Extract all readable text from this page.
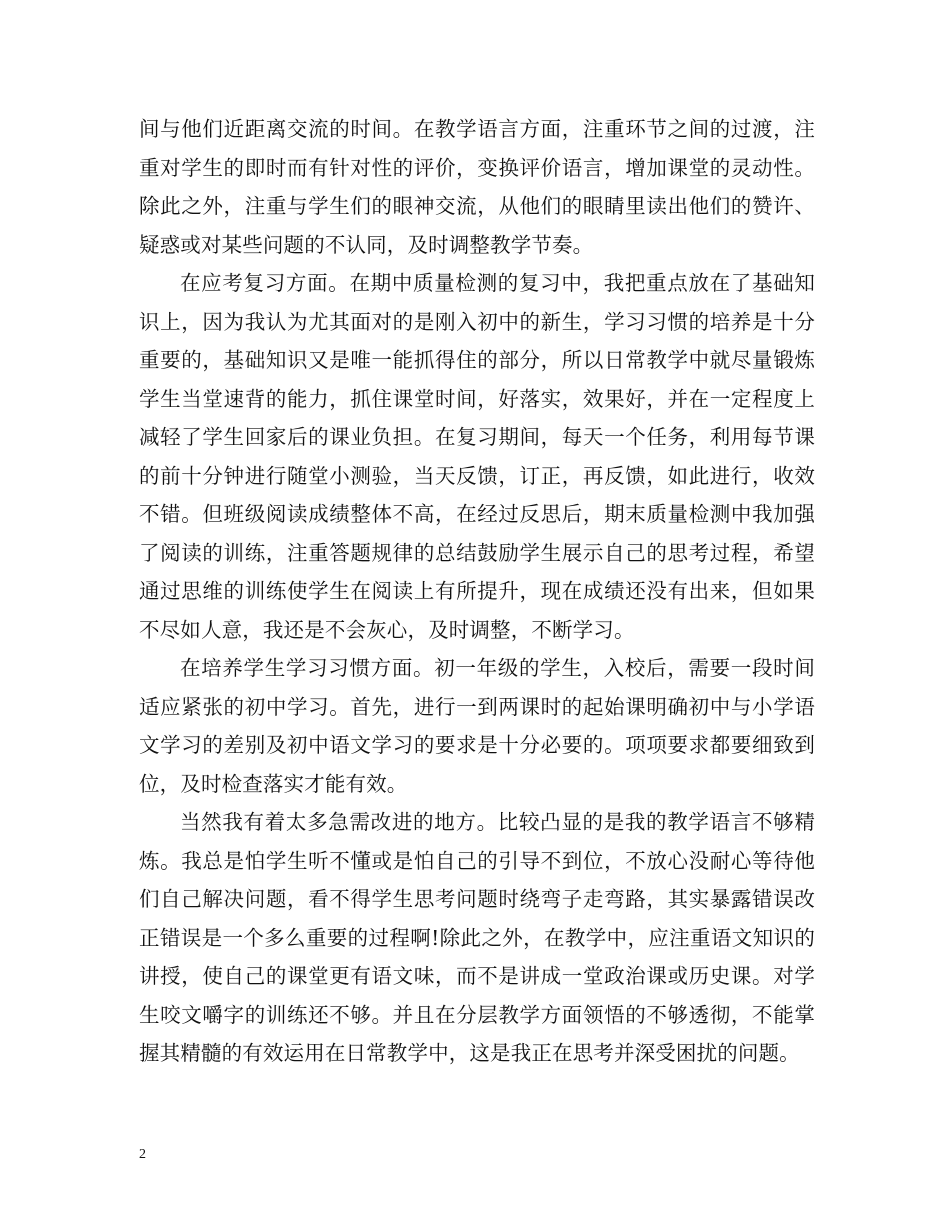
间与他们近距离交流的时间。在教学语言方面，注重环节之间的过渡，注重对学生的即时而有针对性的评价，变换评价语言，增加课堂的灵动性。除此之外，注重与学生们的眼神交流，从他们的眼睛里读出他们的赞许、疑惑或对某些问题的不认同，及时调整教学节奏。

在应考复习方面。在期中质量检测的复习中，我把重点放在了基础知识上，因为我认为尤其面对的是刚入初中的新生，学习习惯的培养是十分重要的，基础知识又是唯一能抓得住的部分，所以日常教学中就尽量锻炼学生当堂速背的能力，抓住课堂时间，好落实，效果好，并在一定程度上减轻了学生回家后的课业负担。在复习期间，每天一个任务，利用每节课的前十分钟进行随堂小测验，当天反馈，订正，再反馈，如此进行，收效不错。但班级阅读成绩整体不高，在经过反思后，期末质量检测中我加强了阅读的训练，注重答题规律的总结鼓励学生展示自己的思考过程，希望通过思维的训练使学生在阅读上有所提升，现在成绩还没有出来，但如果不尽如人意，我还是不会灰心，及时调整，不断学习。

在培养学生学习习惯方面。初一年级的学生，入校后，需要一段时间适应紧张的初中学习。首先，进行一到两课时的起始课明确初中与小学语文学习的差别及初中语文学习的要求是十分必要的。项项要求都要细致到位，及时检查落实才能有效。

当然我有着太多急需改进的地方。比较凸显的是我的教学语言不够精炼。我总是怕学生听不懂或是怕自己的引导不到位，不放心没耐心等待他们自己解决问题，看不得学生思考问题时绕弯子走弯路，其实暴露错误改正错误是一个多么重要的过程啊!除此之外，在教学中，应注重语文知识的讲授，使自己的课堂更有语文味，而不是讲成一堂政治课或历史课。对学生咬文嚼字的训练还不够。并且在分层教学方面领悟的不够透彻，不能掌握其精髓的有效运用在日常教学中，这是我正在思考并深受困扰的问题。

2
